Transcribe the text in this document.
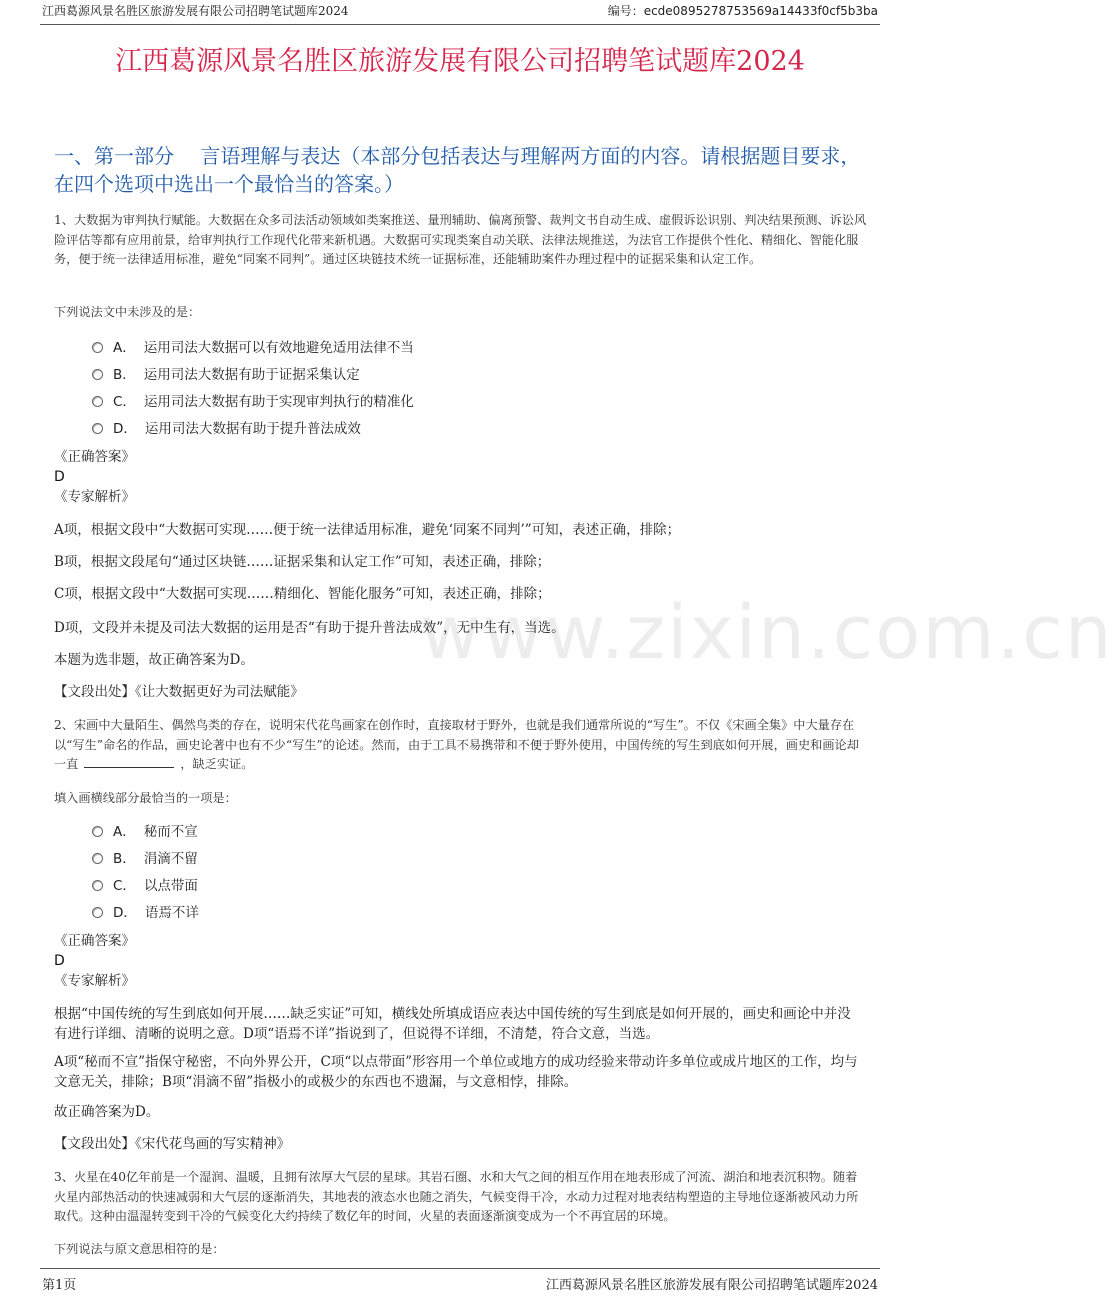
江西葛源风景名胜区旅游发展有限公司招聘笔试题库2024	编号：ecde0895278753569a14433f0cf5b3ba
江西葛源风景名胜区旅游发展有限公司招聘笔试题库2024
一、第一部分　 言语理解与表达（本部分包括表达与理解两方面的内容。请根据题目要求，在四个选项中选出一个最恰当的答案。）
www.zixin.com.cn
1、大数据为审判执行赋能。大数据在众多司法活动领域如类案推送、量刑辅助、偏离预警、裁判文书自动生成、虚假诉讼识别、判决结果预测、诉讼风险评估等都有应用前景，给审判执行工作现代化带来新机遇。大数据可实现类案自动关联、法律法规推送，为法官工作提供个性化、精细化、智能化服务，便于统一法律适用标准，避免“同案不同判”。通过区块链技术统一证据标准，还能辅助案件办理过程中的证据采集和认定工作。
下列说法文中未涉及的是：
A． 运用司法大数据可以有效地避免适用法律不当
B． 运用司法大数据有助于证据采集认定
C． 运用司法大数据有助于实现审判执行的精准化
D． 运用司法大数据有助于提升普法成效
《正确答案》
D
《专家解析》
A项，根据文段中“大数据可实现……便于统一法律适用标准，避免‘同案不同判’”可知，表述正确，排除；
B项，根据文段尾句“通过区块链……证据采集和认定工作”可知，表述正确，排除；
C项，根据文段中“大数据可实现……精细化、智能化服务”可知，表述正确，排除；
D项，文段并未提及司法大数据的运用是否“有助于提升普法成效”，无中生有，当选。
本题为选非题，故正确答案为D。
【文段出处】《让大数据更好为司法赋能》
2、宋画中大量陌生、偶然鸟类的存在，说明宋代花鸟画家在创作时，直接取材于野外，也就是我们通常所说的“写生”。不仅《宋画全集》中大量存在以“写生”命名的作品，画史论著中也有不少“写生”的论述。然而，由于工具不易携带和不便于野外使用，中国传统的写生到底如何开展，画史和画论却一直	，缺乏实证。
填入画横线部分最恰当的一项是：
A． 秘而不宣
B． 涓滴不留
C． 以点带面
D． 语焉不详
《正确答案》
D
《专家解析》
根据“中国传统的写生到底如何开展……缺乏实证”可知，横线处所填成语应表达中国传统的写生到底是如何开展的，画史和画论中并没有进行详细、清晰的说明之意。D项“语焉不详”指说到了，但说得不详细，不清楚，符合文意，当选。
A项“秘而不宣”指保守秘密，不向外界公开，C项“以点带面”形容用一个单位或地方的成功经验来带动许多单位或成片地区的工作，均与文意无关，排除；B项“涓滴不留”指极小的或极少的东西也不遗漏，与文意相悖，排除。
故正确答案为D。
【文段出处】《宋代花鸟画的写实精神》
3、火星在40亿年前是一个湿润、温暖，且拥有浓厚大气层的星球。其岩石圈、水和大气之间的相互作用在地表形成了河流、湖泊和地表沉积物。随着火星内部热活动的快速减弱和大气层的逐渐消失，其地表的液态水也随之消失，气候变得干冷，水动力过程对地表结构塑造的主导地位逐渐被风动力所取代。这种由温湿转变到干冷的气候变化大约持续了数亿年的时间，火星的表面逐渐演变成为一个不再宜居的环境。
下列说法与原文意思相符的是：
第1页	江西葛源风景名胜区旅游发展有限公司招聘笔试题库2024
